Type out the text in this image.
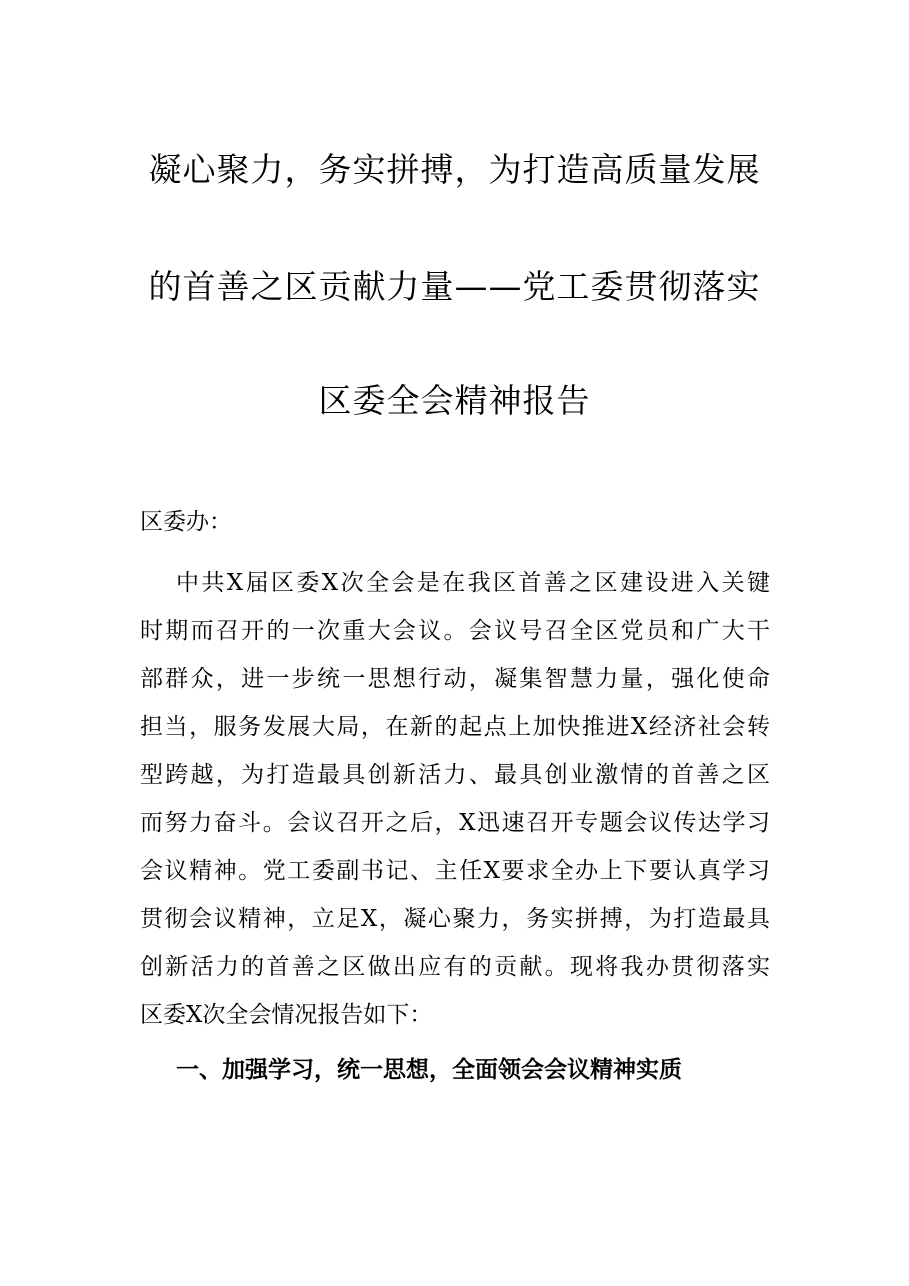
凝心聚力，务实拼搏，为打造高质量发展
的首善之区贡献力量——党工委贯彻落实
区委全会精神报告
区委办：
中共X届区委X次全会是在我区首善之区建设进入关键
时期而召开的一次重大会议。会议号召全区党员和广大干
部群众，进一步统一思想行动，凝集智慧力量，强化使命
担当，服务发展大局，在新的起点上加快推进X经济社会转
型跨越，为打造最具创新活力、最具创业激情的首善之区
而努力奋斗。会议召开之后，X迅速召开专题会议传达学习
会议精神。党工委副书记、主任X要求全办上下要认真学习
贯彻会议精神，立足X，凝心聚力，务实拼搏，为打造最具
创新活力的首善之区做出应有的贡献。现将我办贯彻落实
区委X次全会情况报告如下：
一、加强学习，统一思想，全面领会会议精神实质
